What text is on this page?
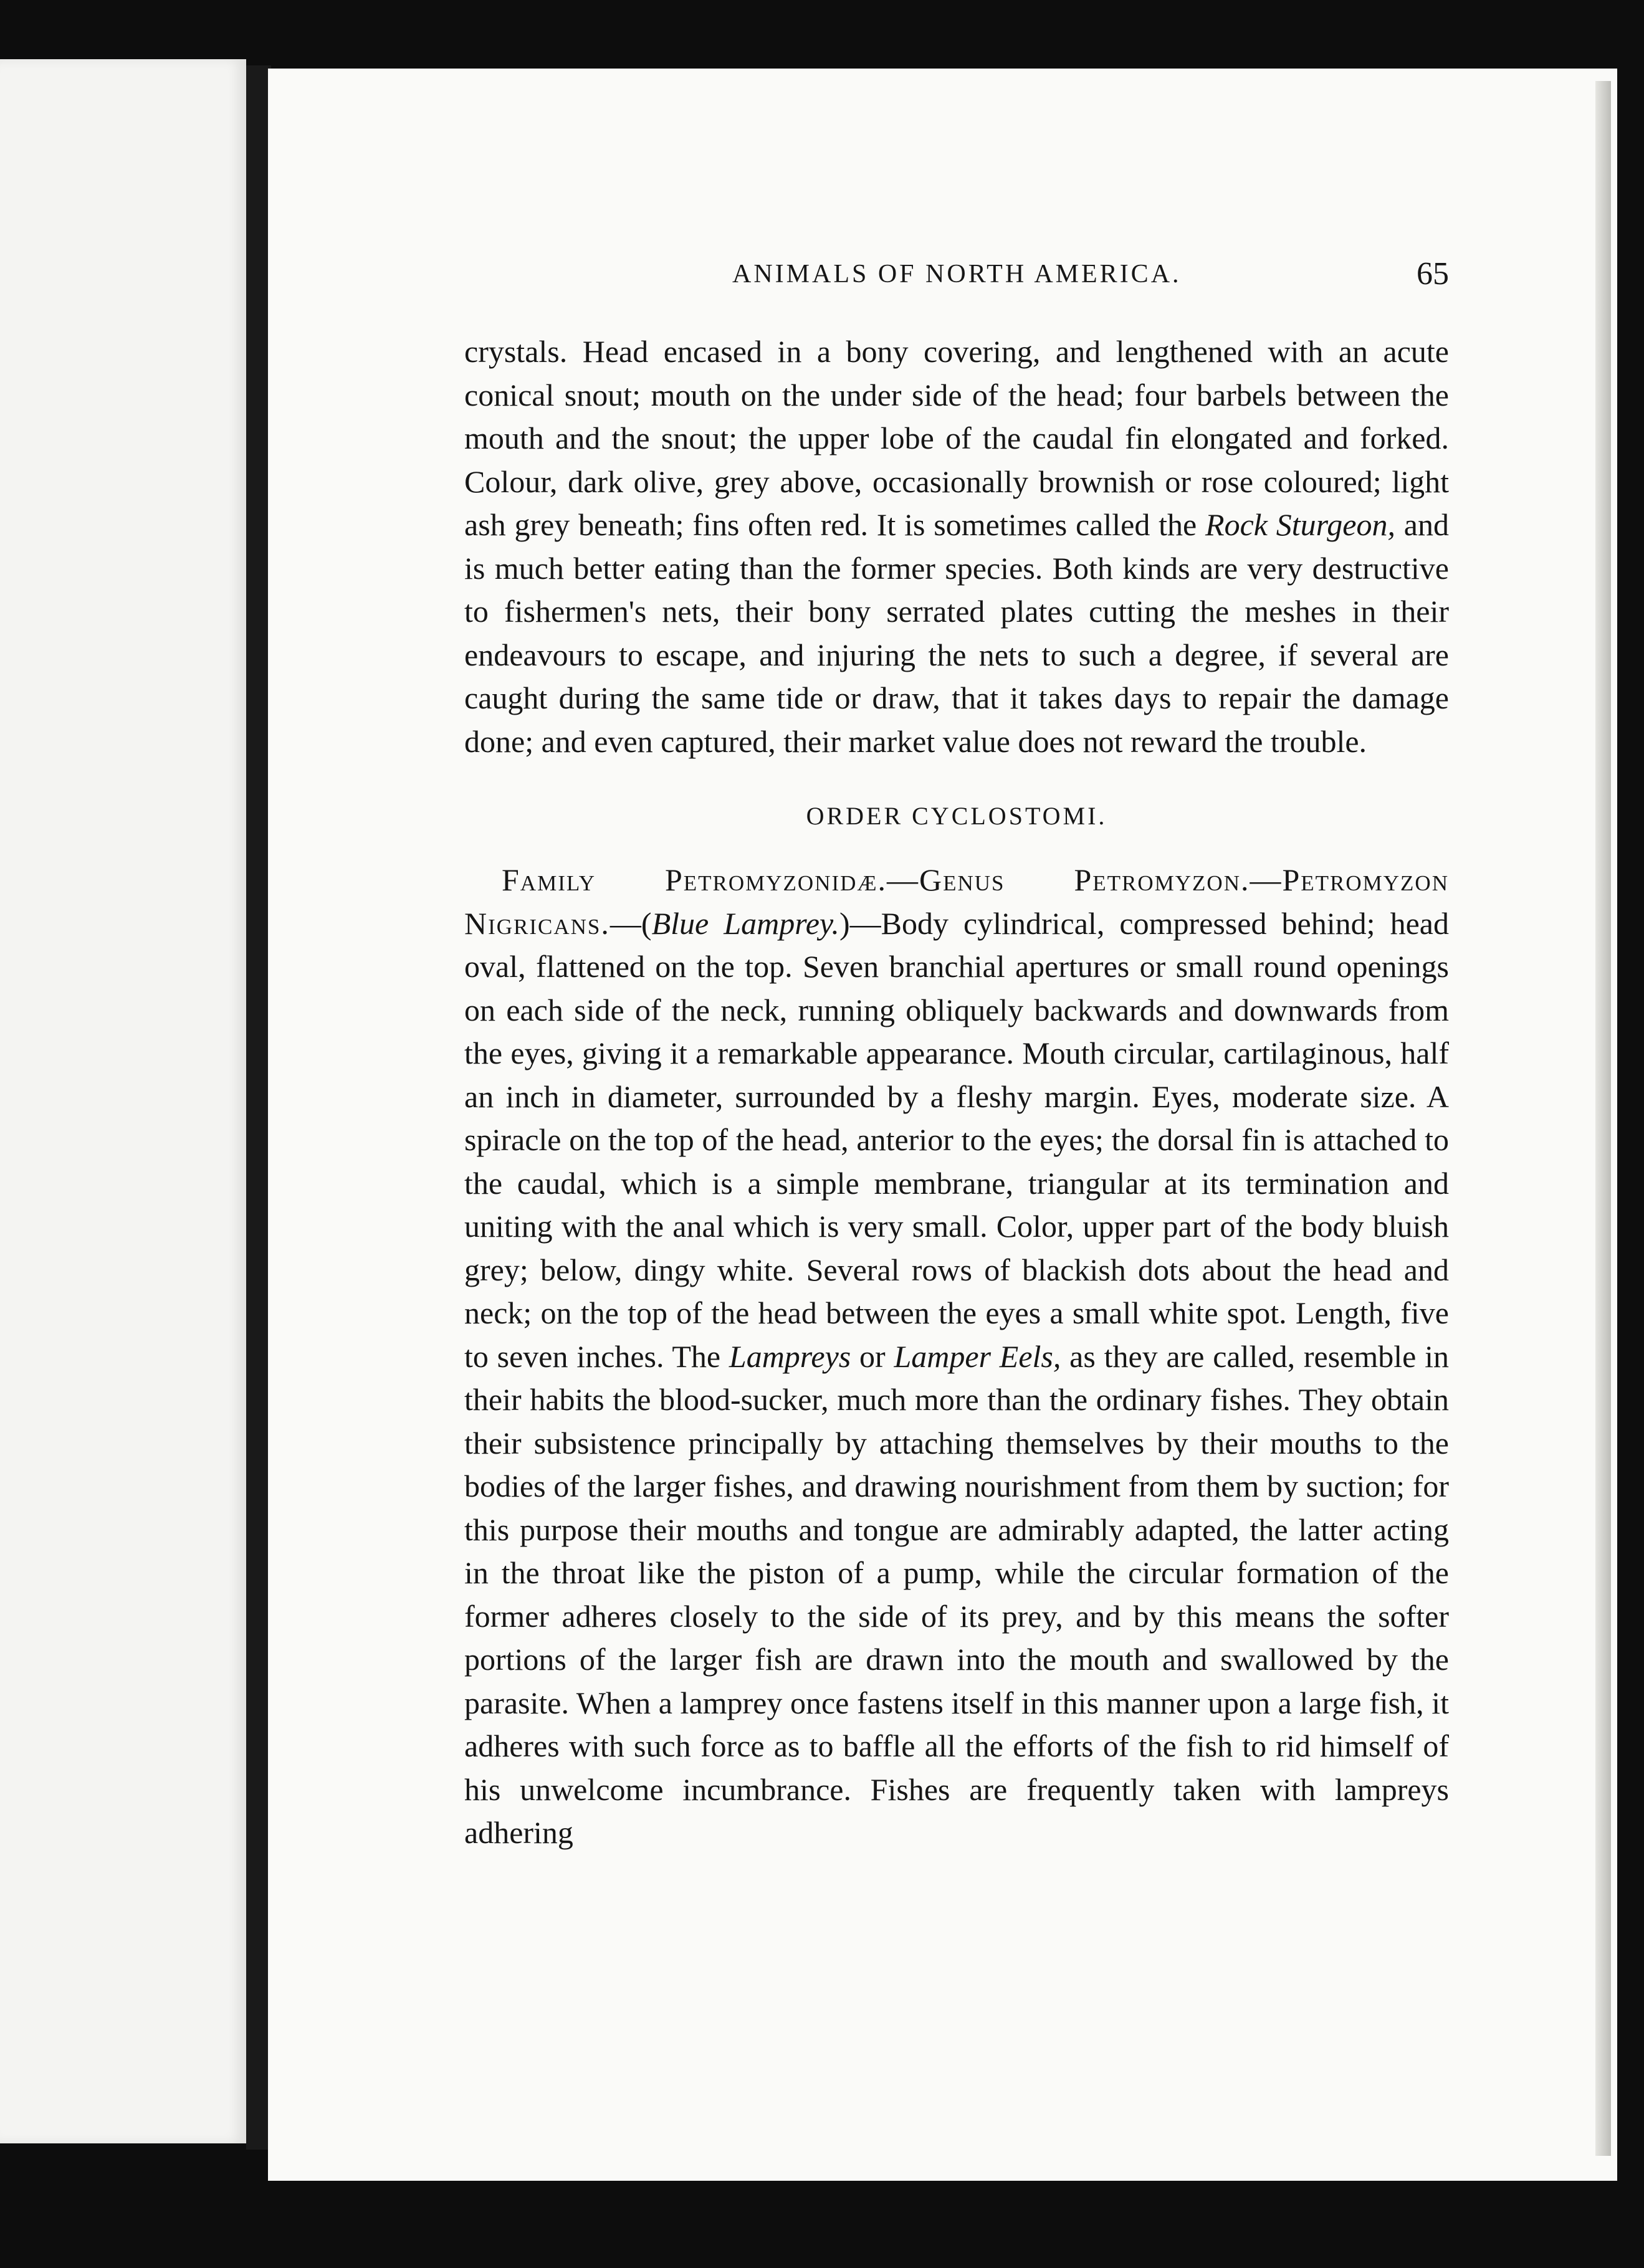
ANIMALS OF NORTH AMERICA.	65

crystals. Head encased in a bony covering, and lengthened with an acute conical snout; mouth on the under side of the head; four barbels between the mouth and the snout; the upper lobe of the caudal fin elongated and forked. Colour, dark olive, grey above, occasionally brownish or rose coloured; light ash grey beneath; fins often red. It is sometimes called the Rock Sturgeon, and is much better eating than the former species. Both kinds are very destructive to fishermen's nets, their bony serrated plates cutting the meshes in their endeavours to escape, and injuring the nets to such a degree, if several are caught during the same tide or draw, that it takes days to repair the damage done; and even captured, their market value does not reward the trouble.

ORDER CYCLOSTOMI.

Family Petromyzonidæ.—Genus Petromyzon.—Petromyzon Nigricans.—(Blue Lamprey.)—Body cylindrical, compressed behind; head oval, flattened on the top. Seven branchial apertures or small round openings on each side of the neck, running obliquely backwards and downwards from the eyes, giving it a remarkable appearance. Mouth circular, cartilaginous, half an inch in diameter, surrounded by a fleshy margin. Eyes, moderate size. A spiracle on the top of the head, anterior to the eyes; the dorsal fin is attached to the caudal, which is a simple membrane, triangular at its termination and uniting with the anal which is very small. Color, upper part of the body bluish grey; below, dingy white. Several rows of blackish dots about the head and neck; on the top of the head between the eyes a small white spot. Length, five to seven inches. The Lampreys or Lamper Eels, as they are called, resemble in their habits the blood-sucker, much more than the ordinary fishes. They obtain their subsistence principally by attaching themselves by their mouths to the bodies of the larger fishes, and drawing nourishment from them by suction; for this purpose their mouths and tongue are admirably adapted, the latter acting in the throat like the piston of a pump, while the circular formation of the former adheres closely to the side of its prey, and by this means the softer portions of the larger fish are drawn into the mouth and swallowed by the parasite. When a lamprey once fastens itself in this manner upon a large fish, it adheres with such force as to baffle all the efforts of the fish to rid himself of his unwelcome incumbrance. Fishes are frequently taken with lampreys adhering
